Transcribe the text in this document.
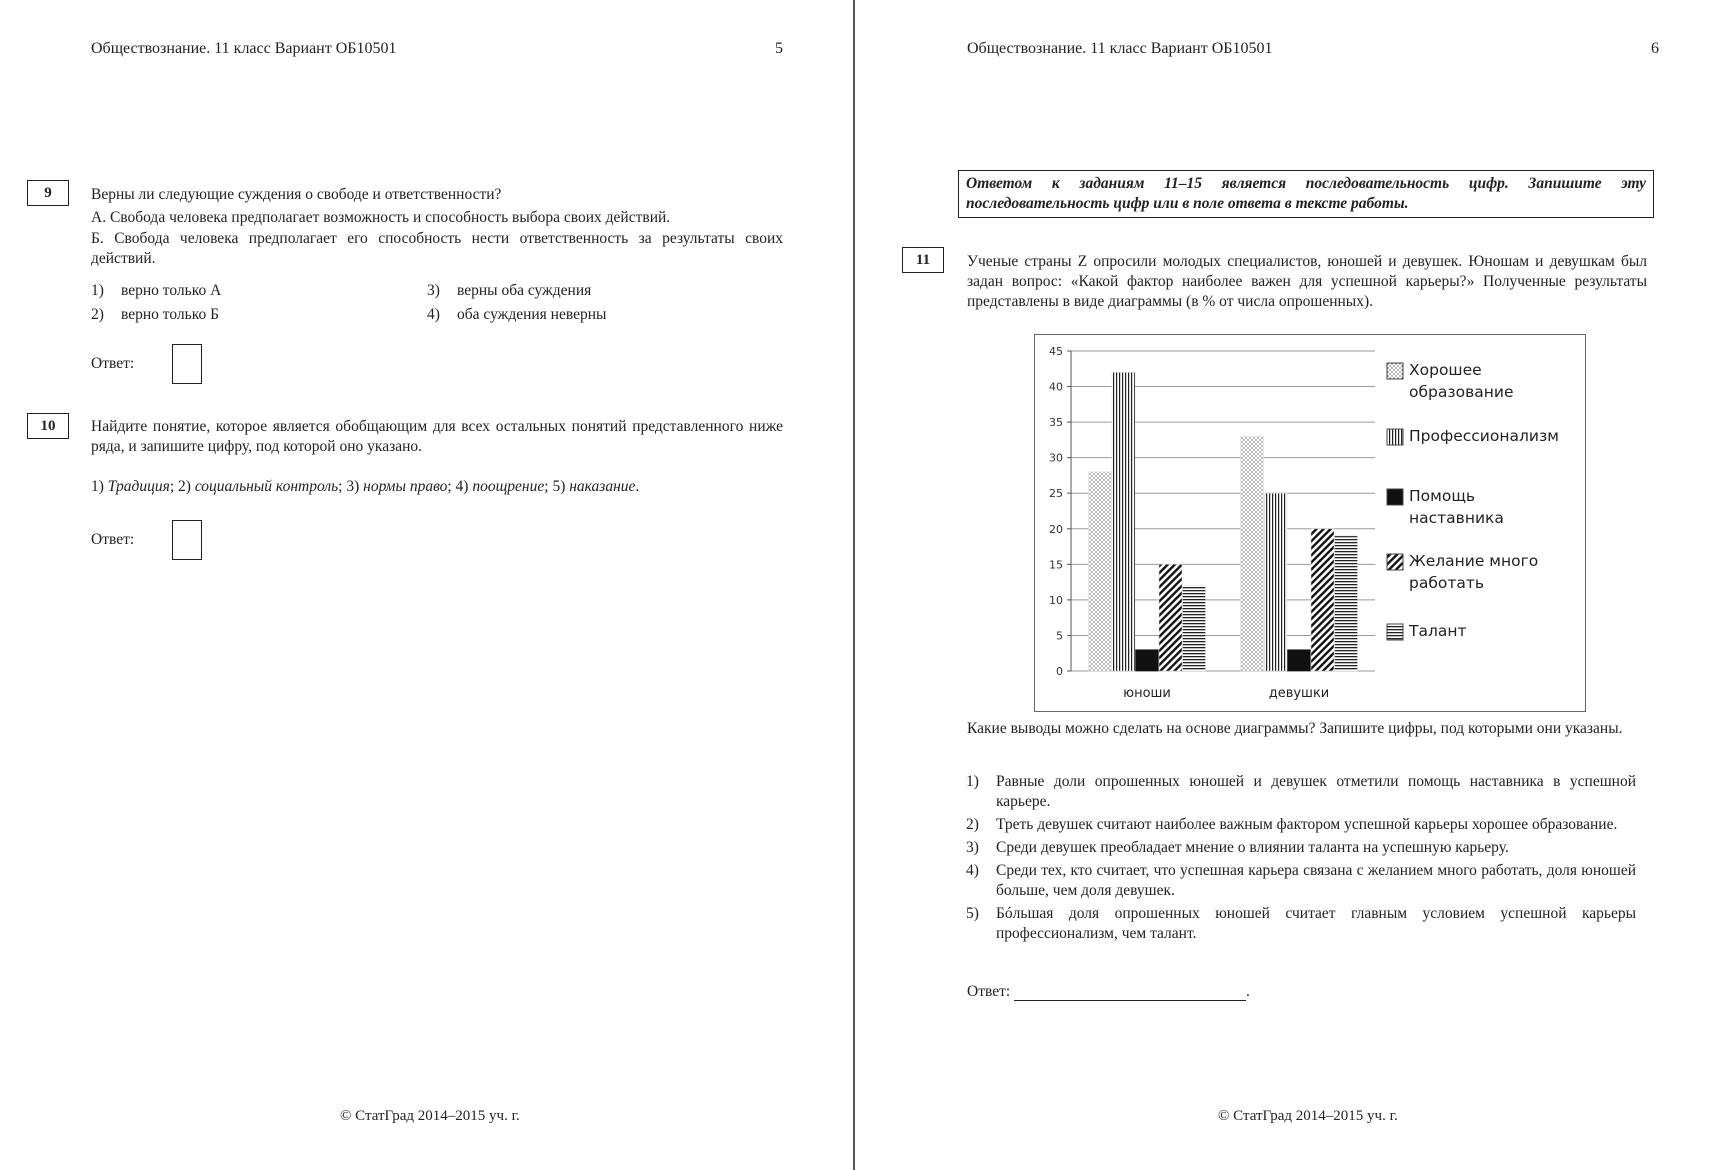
Обществознание. 11 класс Вариант ОБ10501	5
9	Верны ли следующие суждения о свободе и ответственности?
А. Свобода человека предполагает возможность и способность выбора своих действий.
Б. Свобода человека предполагает его способность нести ответственность за результаты своих действий.
1) верно только А
2) верно только Б
3) верны оба суждения
4) оба суждения неверны
Ответ:
10	Найдите понятие, которое является обобщающим для всех остальных понятий представленного ниже ряда, и запишите цифру, под которой оно указано.
1) Традиция; 2) социальный контроль; 3) нормы право; 4) поощрение; 5) наказание.
Ответ:
© СтатГрад 2014–2015 уч. г.
Обществознание. 11 класс Вариант ОБ10501	6
Ответом к заданиям 11–15 является последовательность цифр. Запишите эту последовательность цифр или в поле ответа в тексте работы.
11	Ученые страны Z опросили молодых специалистов, юношей и девушек. Юношам и девушкам был задан вопрос: «Какой фактор наиболее важен для успешной карьеры?» Полученные результаты представлены в виде диаграммы (в % от числа опрошенных).
0
5
10
15
20
25
30
35
40
45
юноши	девушки
Хорошее
образование
Профессионализм
Помощь
наставника
Желание много
работать
Талант
Какие выводы можно сделать на основе диаграммы? Запишите цифры, под которыми они указаны.
1) Равные доли опрошенных юношей и девушек отметили помощь наставника в успешной карьере.
2) Треть девушек считают наиболее важным фактором успешной карьеры хорошее образование.
3) Среди девушек преобладает мнение о влиянии таланта на успешную карьеру.
4) Среди тех, кто считает, что успешная карьера связана с желанием много работать, доля юношей больше, чем доля девушек.
5) Бóльшая доля опрошенных юношей считает главным условием успешной карьеры профессионализм, чем талант.
Ответ:	.
© СтатГрад 2014–2015 уч. г.
